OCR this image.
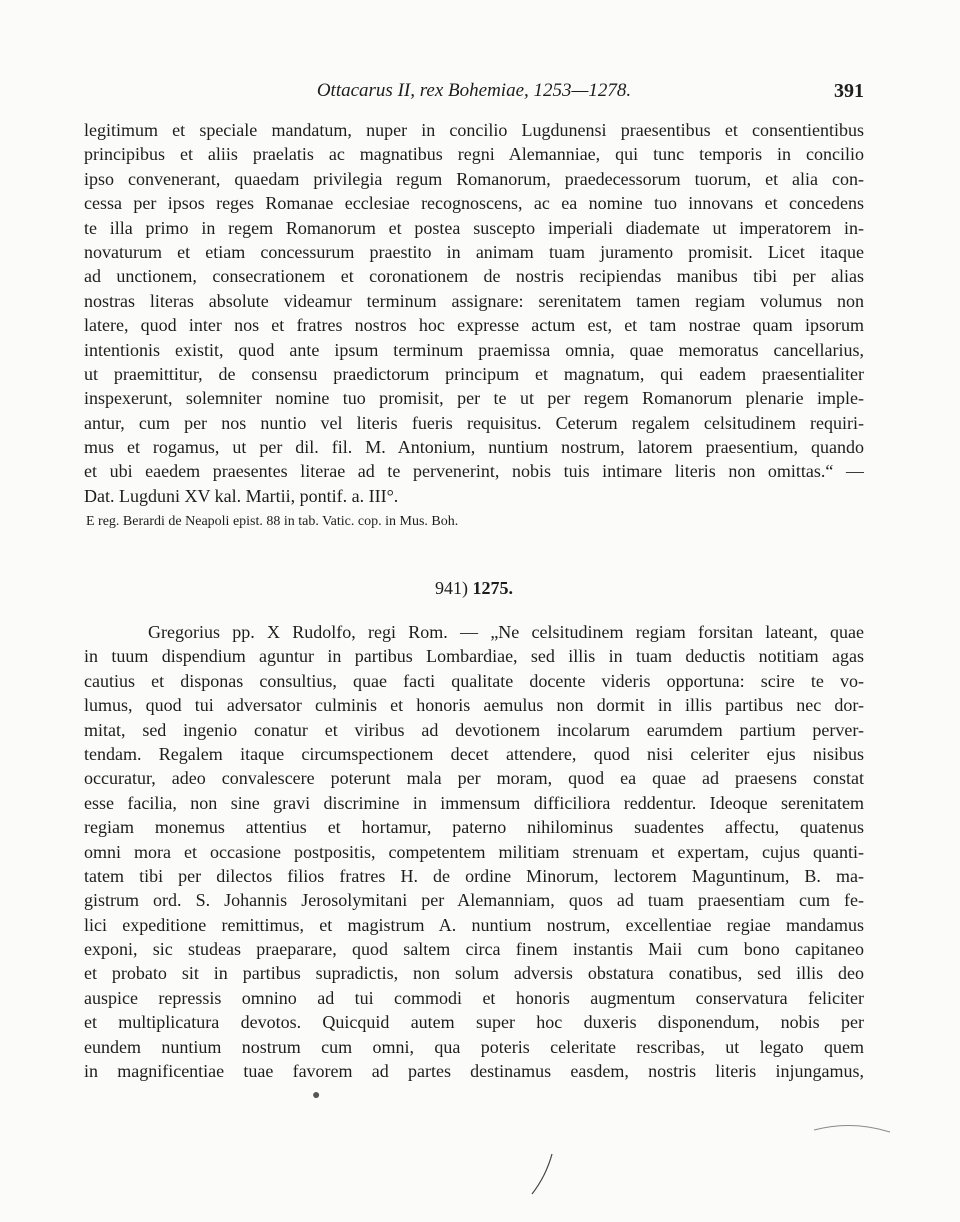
Ottacarus II, rex Bohemiae, 1253—1278.	391
legitimum et speciale mandatum, nuper in concilio Lugdunensi praesentibus et consentientibus
principibus et aliis praelatis ac magnatibus regni Alemanniae, qui tunc temporis in concilio
ipso convenerant, quaedam privilegia regum Romanorum, praedecessorum tuorum, et alia con-
cessa per ipsos reges Romanae ecclesiae recognoscens, ac ea nomine tuo innovans et concedens
te illa primo in regem Romanorum et postea suscepto imperiali diademate ut imperatorem in-
novaturum et etiam concessurum praestito in animam tuam juramento promisit. Licet itaque
ad unctionem, consecrationem et coronationem de nostris recipiendas manibus tibi per alias
nostras literas absolute videamur terminum assignare: serenitatem tamen regiam volumus non
latere, quod inter nos et fratres nostros hoc expresse actum est, et tam nostrae quam ipsorum
intentionis existit, quod ante ipsum terminum praemissa omnia, quae memoratus cancellarius,
ut praemittitur, de consensu praedictorum principum et magnatum, qui eadem praesentialiter
inspexerunt, solemniter nomine tuo promisit, per te ut per regem Romanorum plenarie imple-
antur, cum per nos nuntio vel literis fueris requisitus. Ceterum regalem celsitudinem requiri-
mus et rogamus, ut per dil. fil. M. Antonium, nuntium nostrum, latorem praesentium, quando
et ubi eaedem praesentes literae ad te pervenerint, nobis tuis intimare literis non omittas.“ —
Dat. Lugduni XV kal. Martii, pontif. a. III°.
E reg. Berardi de Neapoli epist. 88 in tab. Vatic. cop. in Mus. Boh.
941) 1275.
Gregorius pp. X Rudolfo, regi Rom. — „Ne celsitudinem regiam forsitan lateant, quae
in tuum dispendium aguntur in partibus Lombardiae, sed illis in tuam deductis notitiam agas
cautius et disponas consultius, quae facti qualitate docente videris opportuna: scire te vo-
lumus, quod tui adversator culminis et honoris aemulus non dormit in illis partibus nec dor-
mitat, sed ingenio conatur et viribus ad devotionem incolarum earumdem partium perver-
tendam. Regalem itaque circumspectionem decet attendere, quod nisi celeriter ejus nisibus
occuratur, adeo convalescere poterunt mala per moram, quod ea quae ad praesens constat
esse facilia, non sine gravi discrimine in immensum difficiliora reddentur. Ideoque serenitatem
regiam monemus attentius et hortamur, paterno nihilominus suadentes affectu, quatenus
omni mora et occasione postpositis, competentem militiam strenuam et expertam, cujus quanti-
tatem tibi per dilectos filios fratres H. de ordine Minorum, lectorem Maguntinum, B. ma-
gistrum ord. S. Johannis Jerosolymitani per Alemanniam, quos ad tuam praesentiam cum fe-
lici expeditione remittimus, et magistrum A. nuntium nostrum, excellentiae regiae mandamus
exponi, sic studeas praeparare, quod saltem circa finem instantis Maii cum bono capitaneo
et probato sit in partibus supradictis, non solum adversis obstatura conatibus, sed illis deo
auspice repressis omnino ad tui commodi et honoris augmentum conservatura feliciter
et multiplicatura devotos. Quicquid autem super hoc duxeris disponendum, nobis per
eundem nuntium nostrum cum omni, qua poteris celeritate rescribas, ut legato quem
in magnificentiae tuae favorem ad partes destinamus easdem, nostris literis injungamus,
●
